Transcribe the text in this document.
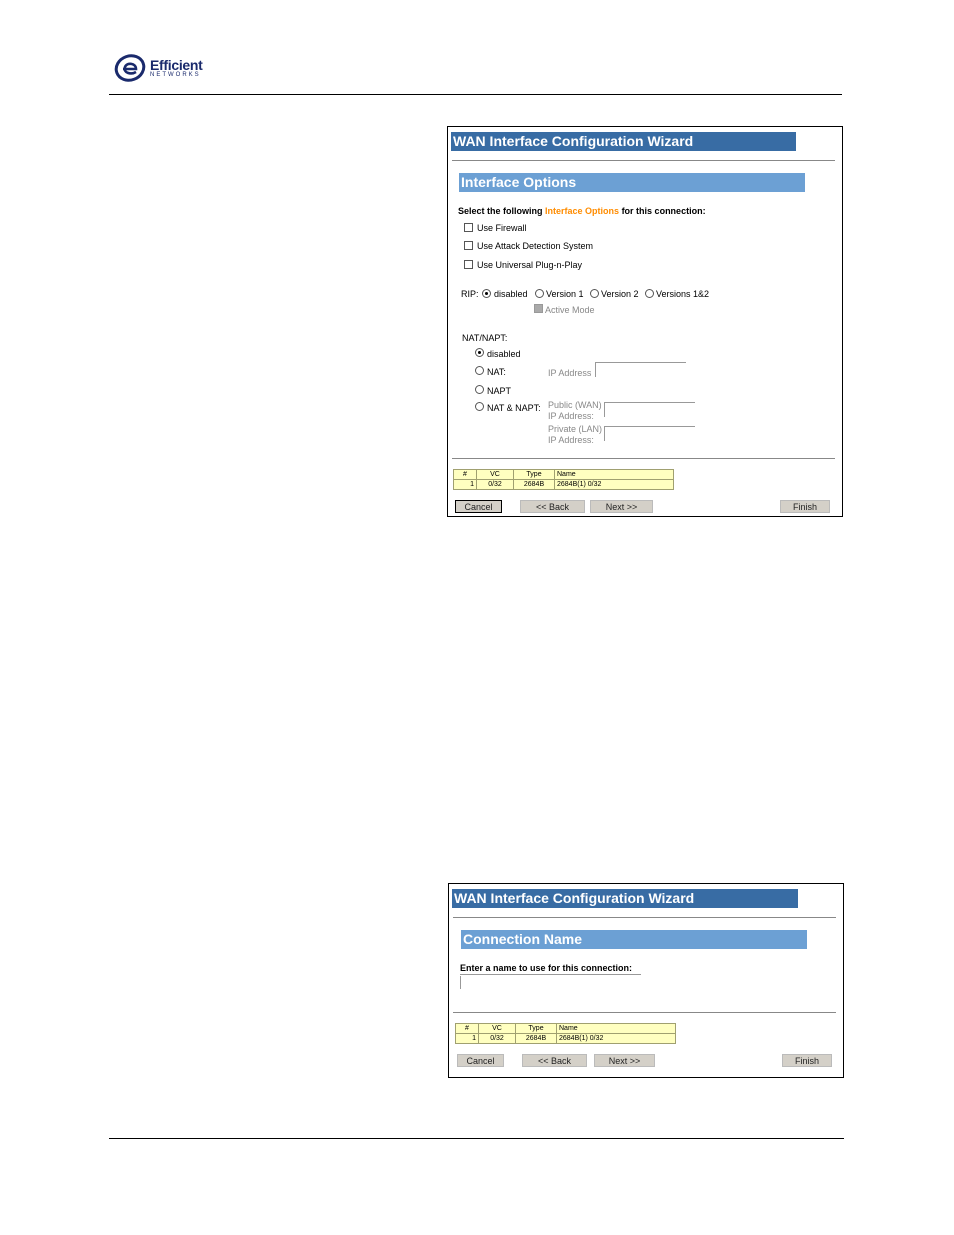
Efficient
NETWORKS
WAN Interface Configuration Wizard
Interface Options
Select the following Interface Options for this connection:
Use Firewall
Use Attack Detection System
Use Universal Plug-n-Play
RIP: disabled Version 1 Version 2 Versions 1&2
Active Mode
NAT/NAPT:
disabled
NAT:	IP Address
NAPT
NAT & NAPT: Public (WAN)
IP Address:
Private (LAN)
IP Address:
#	VC	Type	Name
1	0/32	2684B	2684B(1) 0/32
Cancel	<< Back	Next >>	Finish
WAN Interface Configuration Wizard
Connection Name
Enter a name to use for this connection:
#	VC	Type	Name
1	0/32	2684B	2684B(1) 0/32
Cancel	<< Back	Next >>	Finish
